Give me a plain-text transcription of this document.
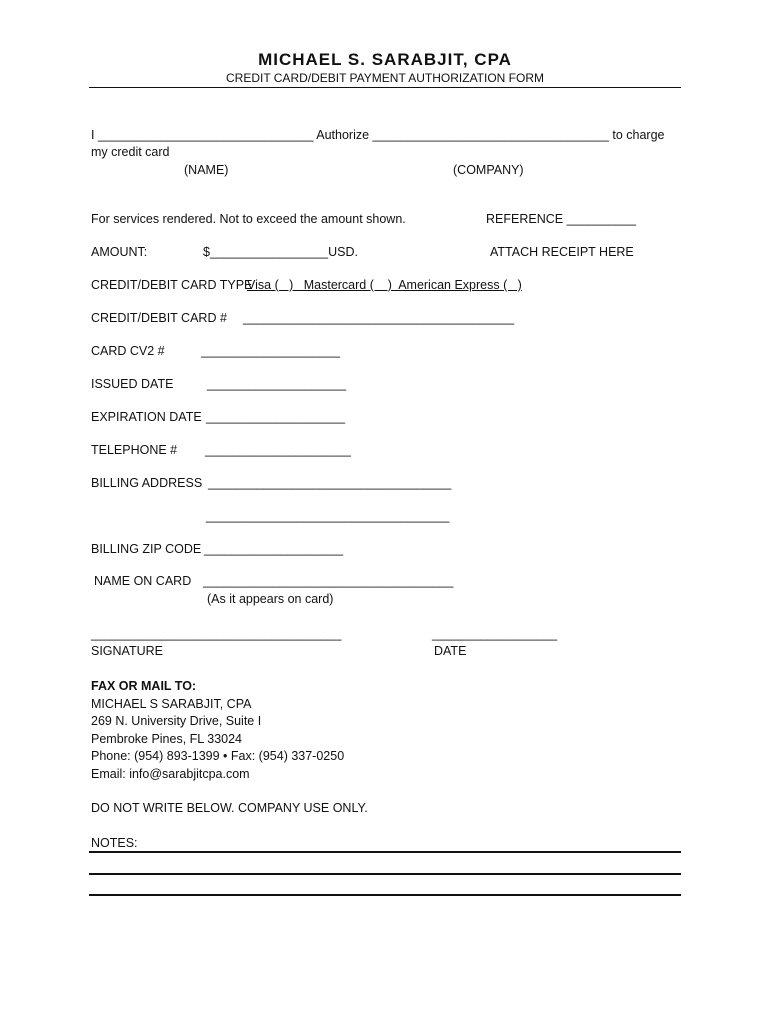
MICHAEL S. SARABJIT, CPA
CREDIT CARD/DEBIT PAYMENT AUTHORIZATION FORM
I _______________________________ Authorize __________________________________ to charge
my credit card
(NAME)	(COMPANY)
For services rendered. Not to exceed the amount shown.	REFERENCE __________
AMOUNT:	$_________________USD.	ATTACH RECEIPT HERE
CREDIT/DEBIT CARD TYPE
Visa (   )   Mastercard (    )  American Express (   )
CREDIT/DEBIT CARD # _______________________________________
CARD CV2 #	____________________
ISSUED DATE	____________________
EXPIRATION DATE ____________________
TELEPHONE # _____________________
BILLING ADDRESS ___________________________________
___________________________________
BILLING ZIP CODE ____________________
NAME ON CARD ____________________________________
(As it appears on card)
____________________________________
SIGNATURE
__________________
DATE
FAX OR MAIL TO:
MICHAEL S SARABJIT, CPA
269 N. University Drive, Suite I
Pembroke Pines, FL 33024
Phone: (954) 893-1399 • Fax: (954) 337-0250
Email: info@sarabjitcpa.com
DO NOT WRITE BELOW. COMPANY USE ONLY.
NOTES:
